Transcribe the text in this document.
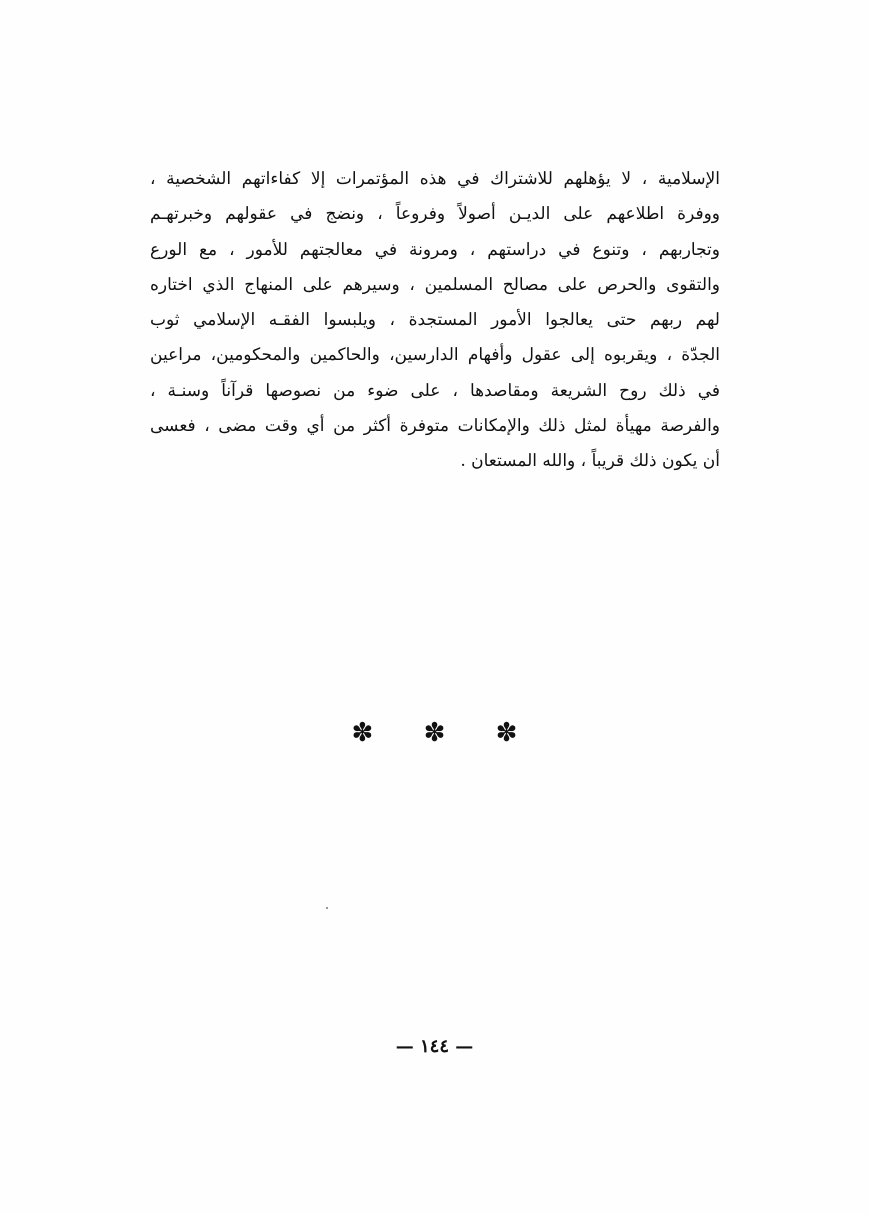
الإسلامية ، لا يؤهلهم للاشتراك في هذه المؤتمرات إلا كفاءاتهم الشخصية ،
ووفرة اطلاعهم على الديـن أصولاً وفروعاً ، ونضج في عقولهم وخبرتهـم
وتجاربهم ، وتنوع في دراستهم ، ومرونة في معالجتهم للأمور ، مع الورع
والتقوى والحرص على مصالح المسلمين ، وسيرهم على المنهاج الذي اختاره
لهم ربهم حتى يعالجوا الأمور المستجدة ، ويلبسوا الفقـه الإسلامي ثوب
الجدّة ، ويقربوه إلى عقول وأفهام الدارسين، والحاكمين والمحكومين، مراعين
في ذلك روح الشريعة ومقاصدها ، على ضوء من نصوصها قرآناً وسنـة ،
والفرصة مهيأة لمثل ذلك والإمكانات متوفرة أكثر من أي وقت مضى ، فعسى
أن يكون ذلك قريباً ، والله المستعان .
✽ ✽ ✽
— ١٤٤ —
